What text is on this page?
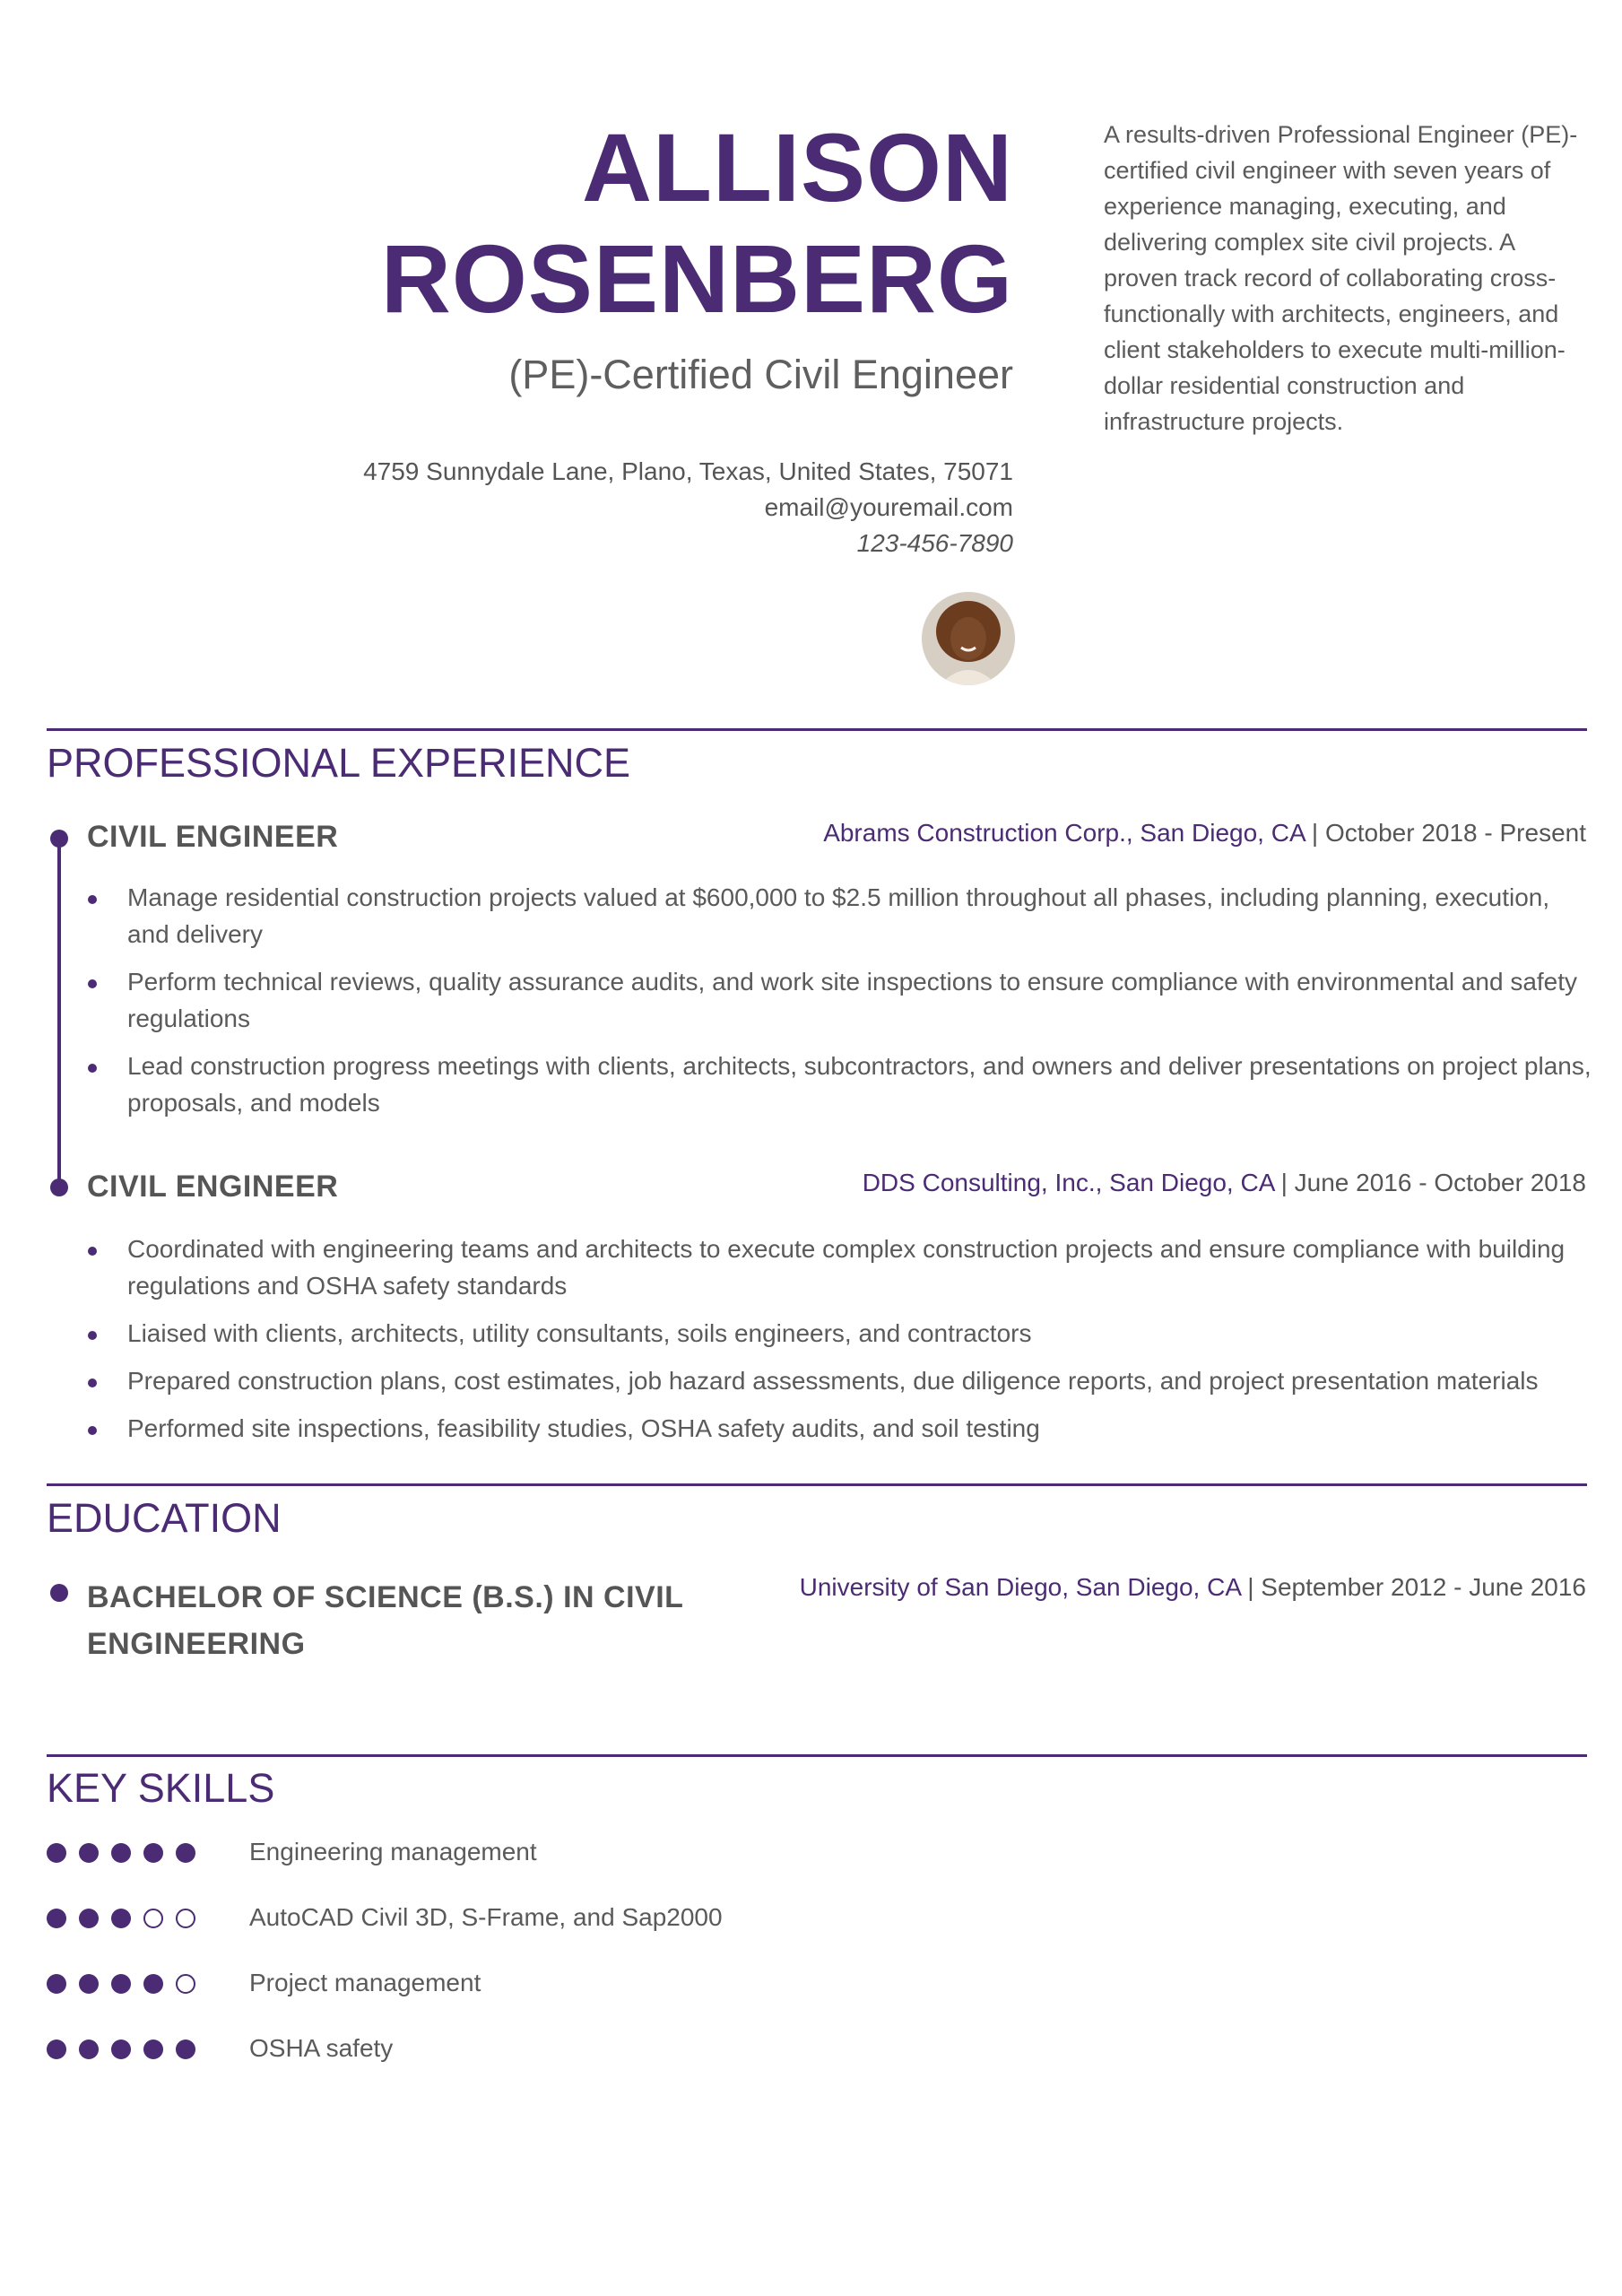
ALLISON
ROSENBERG
(PE)-Certified Civil Engineer
4759 Sunnydale Lane, Plano, Texas, United States, 75071
email@youremail.com
123-456-7890
A results-driven Professional Engineer (PE)-certified civil engineer with seven years of experience managing, executing, and delivering complex site civil projects. A proven track record of collaborating cross-functionally with architects, engineers, and client stakeholders to execute multi-million-dollar residential construction and infrastructure projects.
PROFESSIONAL EXPERIENCE
CIVIL ENGINEER	Abrams Construction Corp., San Diego, CA | October 2018 - Present
Manage residential construction projects valued at $600,000 to $2.5 million throughout all phases, including planning, execution, and delivery
Perform technical reviews, quality assurance audits, and work site inspections to ensure compliance with environmental and safety regulations
Lead construction progress meetings with clients, architects, subcontractors, and owners and deliver presentations on project plans, proposals, and models
CIVIL ENGINEER	DDS Consulting, Inc., San Diego, CA | June 2016 - October 2018
Coordinated with engineering teams and architects to execute complex construction projects and ensure compliance with building regulations and OSHA safety standards
Liaised with clients, architects, utility consultants, soils engineers, and contractors
Prepared construction plans, cost estimates, job hazard assessments, due diligence reports, and project presentation materials
Performed site inspections, feasibility studies, OSHA safety audits, and soil testing
EDUCATION
BACHELOR OF SCIENCE (B.S.) IN CIVIL
ENGINEERING
University of San Diego, San Diego, CA | September 2012 - June 2016
KEY SKILLS
Engineering management
AutoCAD Civil 3D, S-Frame, and Sap2000
Project management
OSHA safety
